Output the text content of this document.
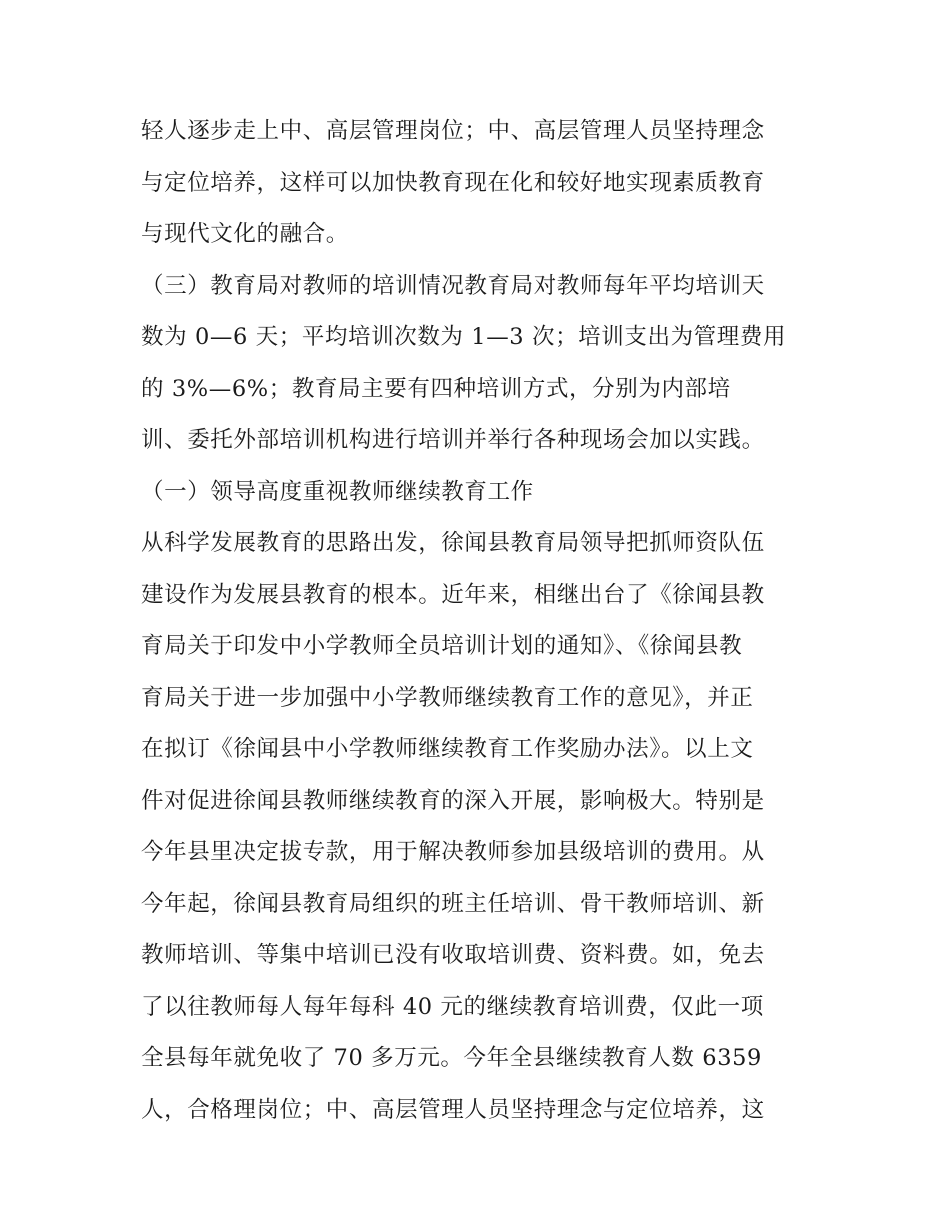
轻人逐步走上中、高层管理岗位；中、高层管理人员坚持理念
与定位培养，这样可以加快教育现在化和较好地实现素质教育
与现代文化的融合。
（三）教育局对教师的培训情况教育局对教师每年平均培训天
数为 0—6 天；平均培训次数为 1—3 次；培训支出为管理费用
的 3%—6%；教育局主要有四种培训方式，分别为内部培
训、委托外部培训机构进行培训并举行各种现场会加以实践。
（一）领导高度重视教师继续教育工作
从科学发展教育的思路出发，徐闻县教育局领导把抓师资队伍
建设作为发展县教育的根本。近年来，相继出台了《徐闻县教
育局关于印发中小学教师全员培训计划的通知》、《徐闻县教
育局关于进一步加强中小学教师继续教育工作的意见》，并正
在拟订《徐闻县中小学教师继续教育工作奖励办法》。以上文
件对促进徐闻县教师继续教育的深入开展，影响极大。特别是
今年县里决定拔专款，用于解决教师参加县级培训的费用。从
今年起，徐闻县教育局组织的班主任培训、骨干教师培训、新
教师培训、等集中培训已没有收取培训费、资料费。如，免去
了以往教师每人每年每科 40 元的继续教育培训费，仅此一项
全县每年就免收了 70 多万元。今年全县继续教育人数 6359
人，合格理岗位；中、高层管理人员坚持理念与定位培养，这
